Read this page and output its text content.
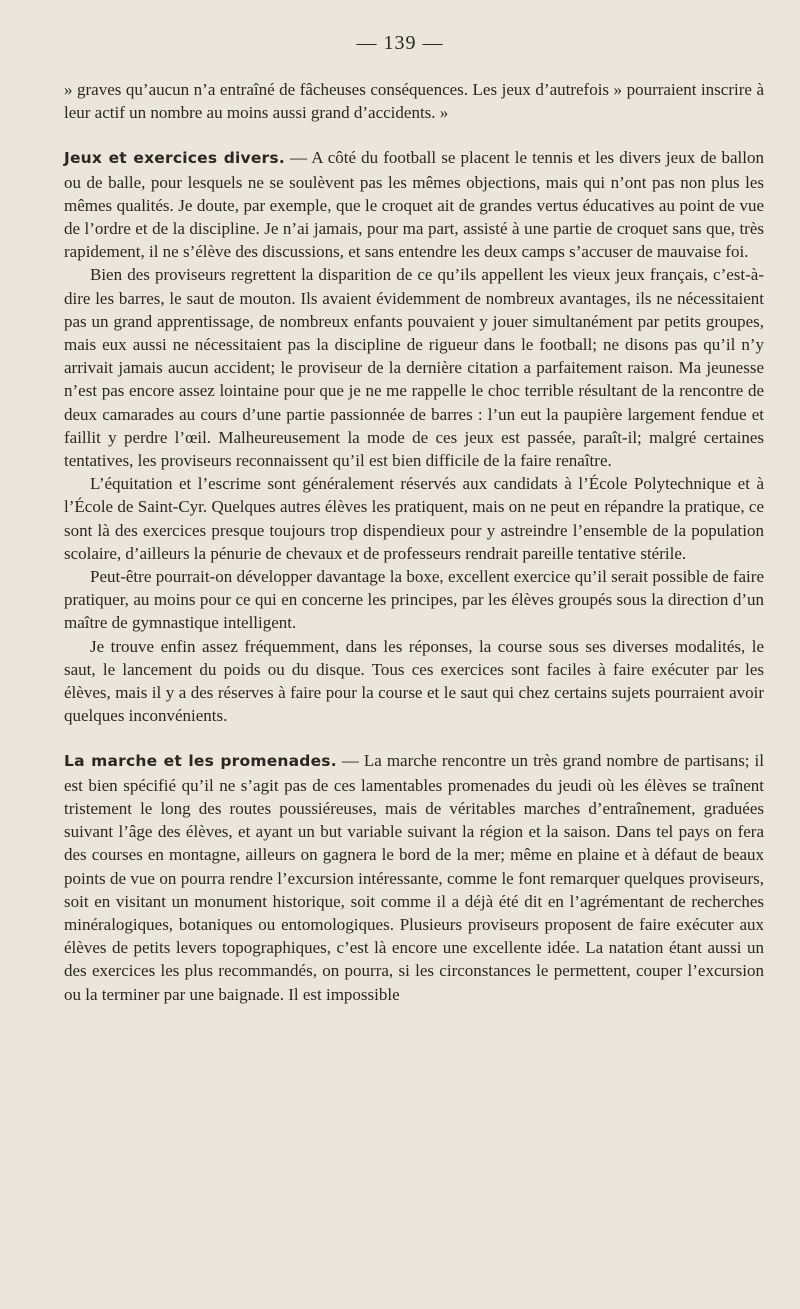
— 139 —

» graves qu’aucun n’a entraîné de fâcheuses conséquences. Les jeux d’autrefois » pourraient inscrire à leur actif un nombre au moins aussi grand d’accidents. »

Jeux et exercices divers. — A côté du football se placent le tennis et les divers jeux de ballon ou de balle, pour lesquels ne se soulèvent pas les mêmes objections, mais qui n’ont pas non plus les mêmes qualités. Je doute, par exemple, que le croquet ait de grandes vertus éducatives au point de vue de l’ordre et de la discipline. Je n’ai jamais, pour ma part, assisté à une partie de croquet sans que, très rapidement, il ne s’élève des discussions, et sans entendre les deux camps s’accuser de mauvaise foi.

Bien des proviseurs regrettent la disparition de ce qu’ils appellent les vieux jeux français, c’est-à-dire les barres, le saut de mouton. Ils avaient évidemment de nombreux avantages, ils ne nécessitaient pas un grand apprentissage, de nombreux enfants pouvaient y jouer simultanément par petits groupes, mais eux aussi ne nécessitaient pas la discipline de rigueur dans le football; ne disons pas qu’il n’y arrivait jamais aucun accident; le proviseur de la dernière citation a parfaitement raison. Ma jeunesse n’est pas encore assez lointaine pour que je ne me rappelle le choc terrible résultant de la rencontre de deux camarades au cours d’une partie passionnée de barres : l’un eut la paupière largement fendue et faillit y perdre l’œil. Malheureusement la mode de ces jeux est passée, paraît-il; malgré certaines tentatives, les proviseurs reconnaissent qu’il est bien difficile de la faire renaître.

L’équitation et l’escrime sont généralement réservés aux candidats à l’École Polytechnique et à l’École de Saint-Cyr. Quelques autres élèves les pratiquent, mais on ne peut en répandre la pratique, ce sont là des exercices presque toujours trop dispendieux pour y astreindre l’ensemble de la population scolaire, d’ailleurs la pénurie de chevaux et de professeurs rendrait pareille tentative stérile.

Peut-être pourrait-on développer davantage la boxe, excellent exercice qu’il serait possible de faire pratiquer, au moins pour ce qui en concerne les principes, par les élèves groupés sous la direction d’un maître de gymnastique intelligent.

Je trouve enfin assez fréquemment, dans les réponses, la course sous ses diverses modalités, le saut, le lancement du poids ou du disque. Tous ces exercices sont faciles à faire exécuter par les élèves, mais il y a des réserves à faire pour la course et le saut qui chez certains sujets pourraient avoir quelques inconvénients.

La marche et les promenades. — La marche rencontre un très grand nombre de partisans; il est bien spécifié qu’il ne s’agit pas de ces lamentables promenades du jeudi où les élèves se traînent tristement le long des routes poussiéreuses, mais de véritables marches d’entraînement, graduées suivant l’âge des élèves, et ayant un but variable suivant la région et la saison. Dans tel pays on fera des courses en montagne, ailleurs on gagnera le bord de la mer; même en plaine et à défaut de beaux points de vue on pourra rendre l’excursion intéressante, comme le font remarquer quelques proviseurs, soit en visitant un monument historique, soit comme il a déjà été dit en l’agrémentant de recherches minéralogiques, botaniques ou entomologiques. Plusieurs proviseurs proposent de faire exécuter aux élèves de petits levers topographiques, c’est là encore une excellente idée. La natation étant aussi un des exercices les plus recommandés, on pourra, si les circonstances le permettent, couper l’excursion ou la terminer par une baignade. Il est impossible
